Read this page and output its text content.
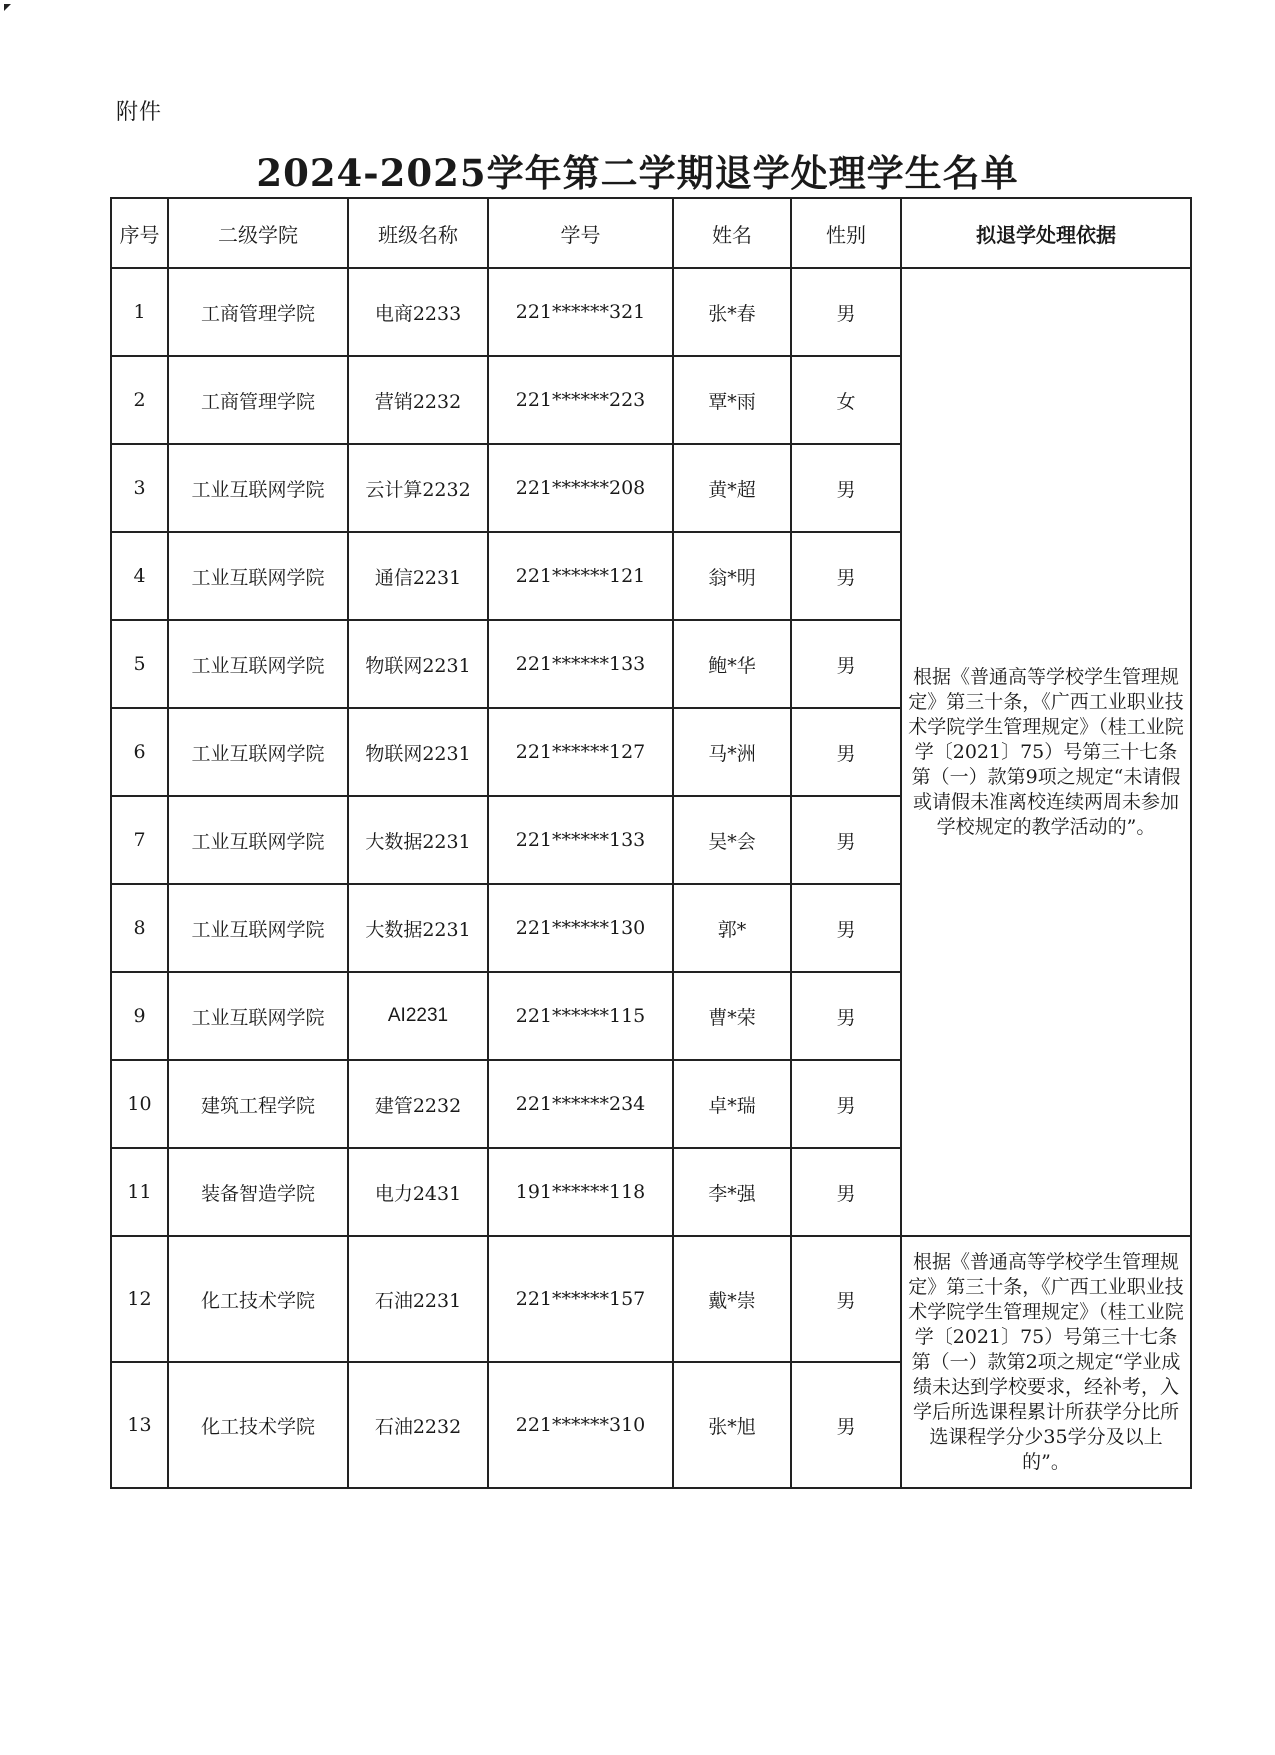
附件
2024-2025学年第二学期退学处理学生名单
序号	二级学院	班级名称	学号	姓名	性别	拟退学处理依据
1	工商管理学院	电商2233	221******321	张*春	男	根据《普通高等学校学生管理规定》第三十条，《广西工业职业技术学院学生管理规定》（桂工业院学〔2021〕75）号第三十七条第（一）款第9项之规定“未请假或请假未准离校连续两周未参加学校规定的教学活动的”。
2	工商管理学院	营销2232	221******223	覃*雨	女	
3	工业互联网学院	云计算2232	221******208	黄*超	男	
4	工业互联网学院	通信2231	221******121	翁*明	男	
5	工业互联网学院	物联网2231	221******133	鲍*华	男	
6	工业互联网学院	物联网2231	221******127	马*洲	男	
7	工业互联网学院	大数据2231	221******133	吴*会	男	
8	工业互联网学院	大数据2231	221******130	郭*	男	
9	工业互联网学院	AI2231	221******115	曹*荣	男	
10	建筑工程学院	建管2232	221******234	卓*瑞	男	
11	装备智造学院	电力2431	191******118	李*强	男	
12	化工技术学院	石油2231	221******157	戴*崇	男	根据《普通高等学校学生管理规定》第三十条，《广西工业职业技术学院学生管理规定》（桂工业院学〔2021〕75）号第三十七条第（一）款第2项之规定“学业成绩未达到学校要求，经补考，入学后所选课程累计所获学分比所选课程学分少35学分及以上的”。
13	化工技术学院	石油2232	221******310	张*旭	男	
